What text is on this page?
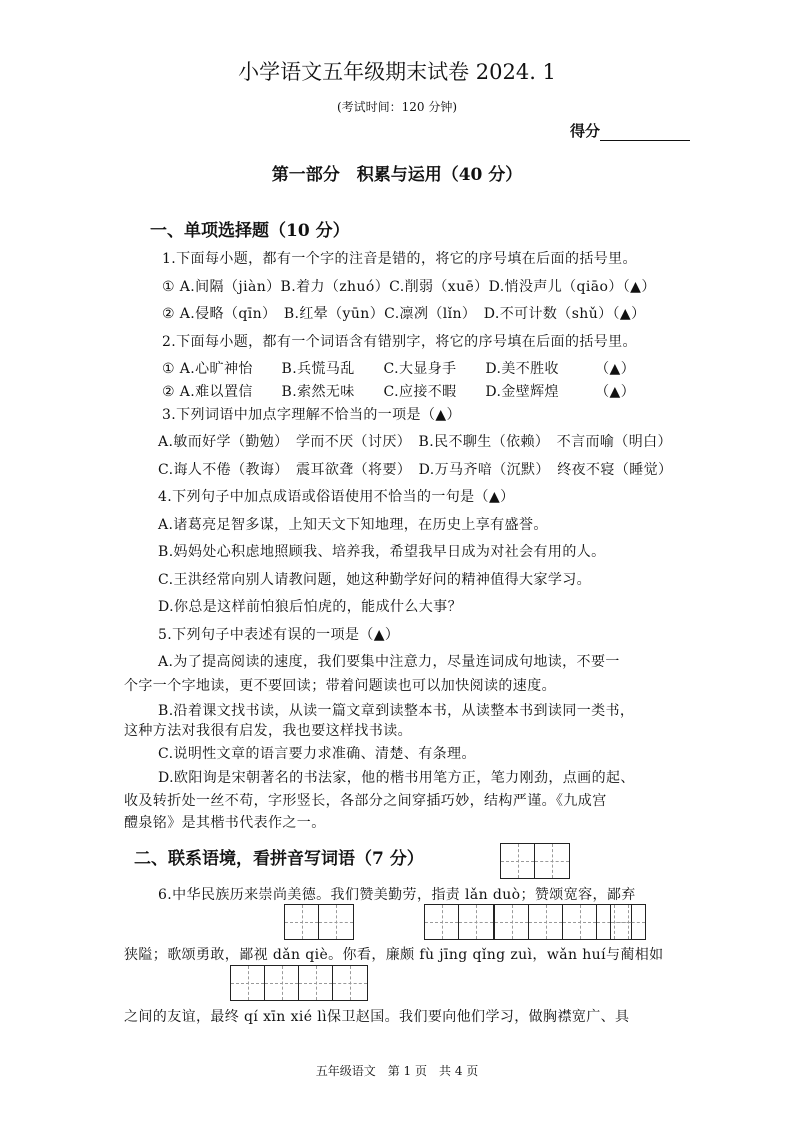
小学语文五年级期末试卷 2024. 1
(考试时间：120 分钟)
得分
第一部分　积累与运用（40 分）
一、单项选择题（10 分）
1.下面每小题，都有一个字的注音是错的，将它的序号填在后面的括号里。
① A.间隔（jiàn）B.着力（zhuó）C.削弱（xuē）D.悄没声儿（qiāo）（▲）
② A.侵略（qīn）　B.红晕（yūn）C.凛冽（lǐn）　D.不可计数（shǔ）（▲）
2.下面每小题，都有一个词语含有错别字，将它的序号填在后面的括号里。
① A.心旷神怡　　B.兵慌马乱　　C.大显身手　　D.美不胜收　　　（▲）
② A.难以置信　　B.索然无味　　C.应接不暇　　D.金壁辉煌　　　（▲）
3.下列词语中加点字理解不恰当的一项是（▲）
A.敏而好学（勤勉）　学而不厌（讨厌）　B.民不聊生（依赖）　不言而喻（明白）
C.诲人不倦（教诲）　震耳欲聋（将要）　D.万马齐喑（沉默）　终夜不寝（睡觉）
4.下列句子中加点成语或俗语使用不恰当的一句是（▲）
A.诸葛亮足智多谋，上知天文下知地理，在历史上享有盛誉。
B.妈妈处心积虑地照顾我、培养我，希望我早日成为对社会有用的人。
C.王洪经常向别人请教问题，她这种勤学好问的精神值得大家学习。
D.你总是这样前怕狼后怕虎的，能成什么大事？
5.下列句子中表述有误的一项是（▲）
A.为了提高阅读的速度，我们要集中注意力，尽量连词成句地读，不要一
个字一个字地读，更不要回读；带着问题读也可以加快阅读的速度。
B.沿着课文找书读，从读一篇文章到读整本书，从读整本书到读同一类书，
这种方法对我很有启发，我也要这样找书读。
C.说明性文章的语言要力求准确、清楚、有条理。
D.欧阳询是宋朝著名的书法家，他的楷书用笔方正，笔力刚劲，点画的起、
收及转折处一丝不苟，字形竖长，各部分之间穿插巧妙，结构严谨。《九成宫
醴泉铭》是其楷书代表作之一。
二、联系语境，看拼音写词语（7 分）
6.中华民族历来崇尚美德。我们赞美勤劳，指责 lǎn duò；赞颂宽容，鄙弃
狭隘；歌颂勇敢，鄙视 dǎn qiè。你看，廉颇 fù jīng qǐng zuì，wǎn huí与蔺相如
之间的友谊，最终 qí xīn xié lì保卫赵国。我们要向他们学习，做胸襟宽广、具
五年级语文　第 1 页　共 4 页
